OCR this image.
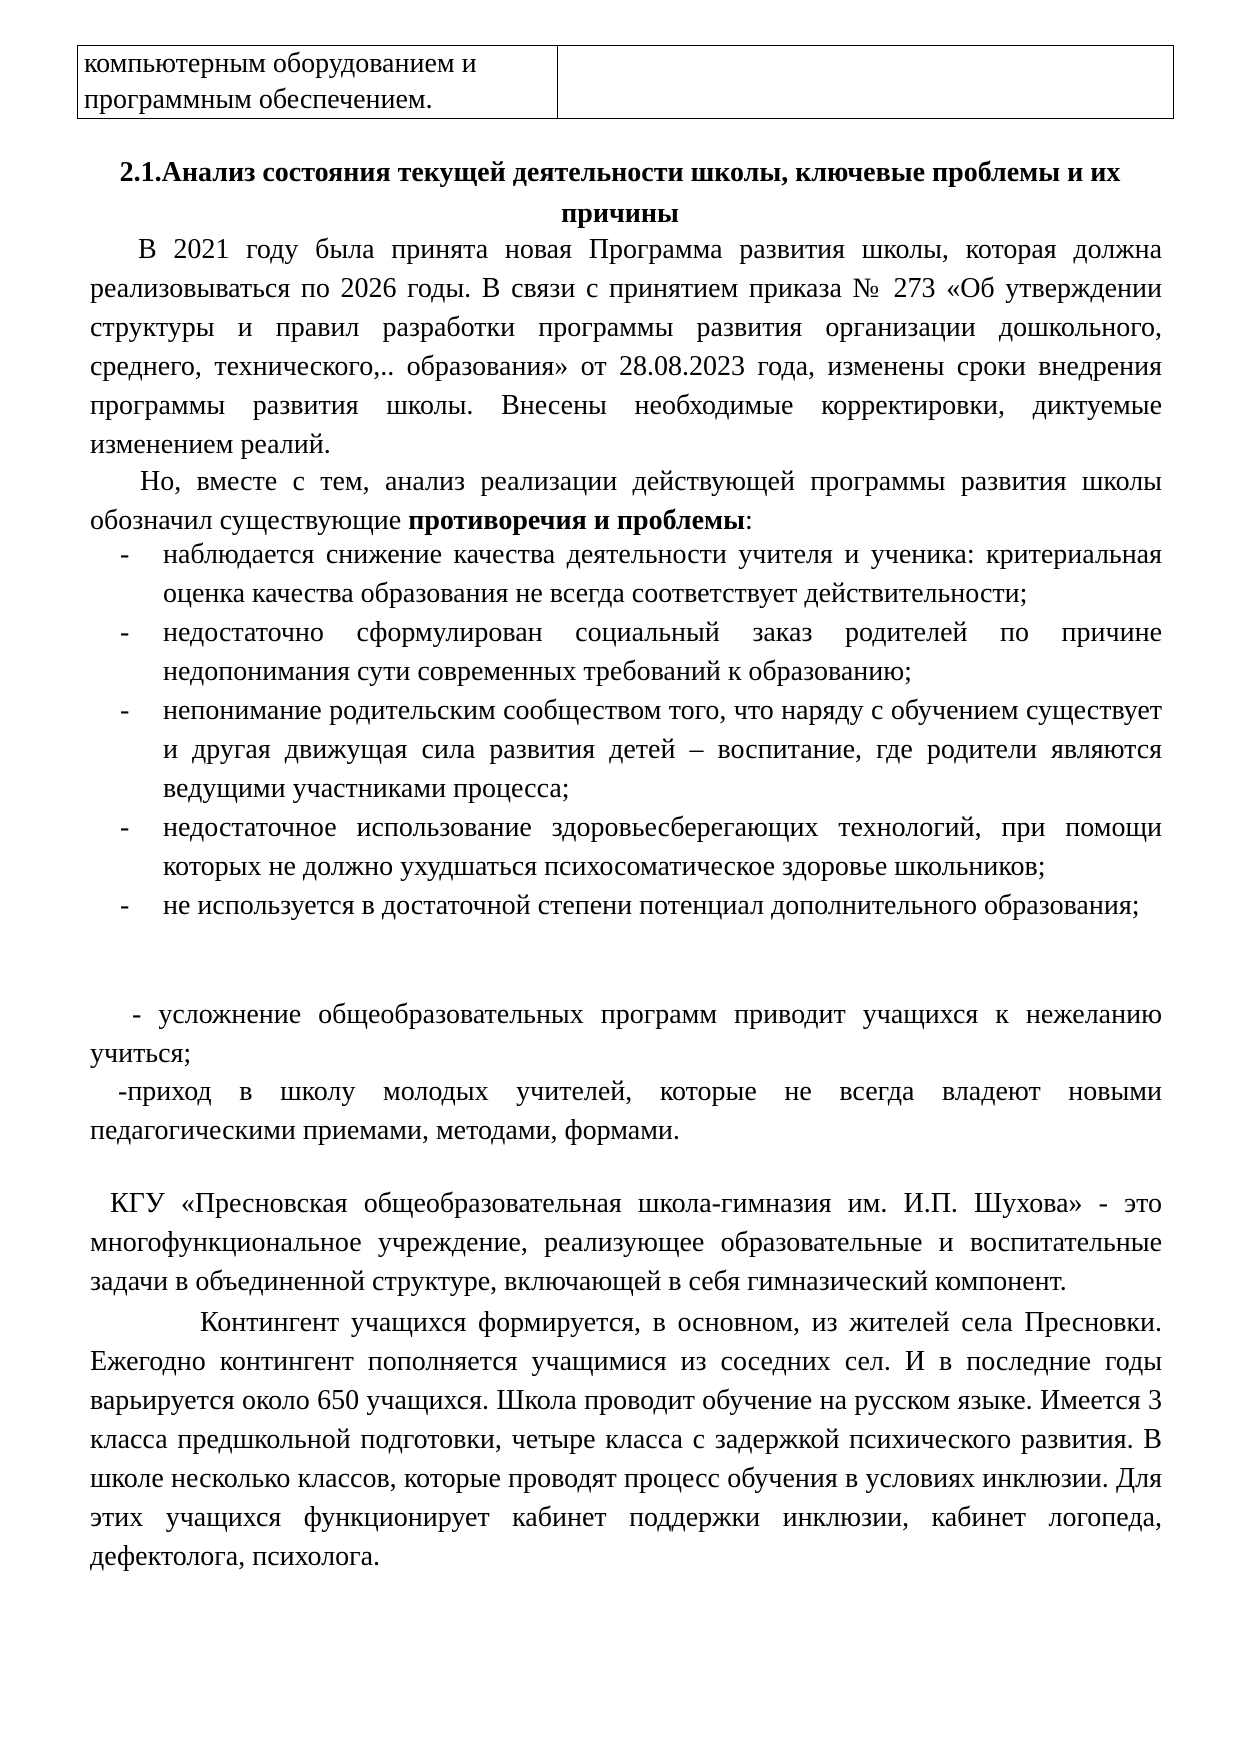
компьютерным оборудованием и программным обеспечением.	
2.1.Анализ состояния текущей деятельности школы, ключевые проблемы и их причины
В 2021 году была принята новая Программа развития школы, которая должна реализовываться по 2026 годы. В связи с принятием приказа № 273 «Об утверждении структуры и правил разработки программы развития организации дошкольного, среднего, технического,.. образования» от 28.08.2023 года, изменены сроки внедрения программы развития школы. Внесены необходимые корректировки, диктуемые изменением реалий.
Но, вместе с тем, анализ реализации действующей программы развития школы обозначил существующие противоречия и проблемы:
- наблюдается снижение качества деятельности учителя и ученика: критериальная оценка качества образования не всегда соответствует действительности;
- недостаточно сформулирован социальный заказ родителей по причине недопонимания сути современных требований к образованию;
- непонимание родительским сообществом того, что наряду с обучением существует и другая движущая сила развития детей – воспитание, где родители являются ведущими участниками процесса;
- недостаточное использование здоровьесберегающих технологий, при помощи которых не должно ухудшаться психосоматическое здоровье школьников;
- не используется в достаточной степени потенциал дополнительного образования;
- усложнение общеобразовательных программ приводит учащихся к нежеланию учиться;
-приход в школу молодых учителей, которые не всегда владеют новыми педагогическими приемами, методами, формами.
КГУ «Пресновская общеобразовательная школа-гимназия им. И.П. Шухова» - это многофункциональное учреждение, реализующее образовательные и воспитательные задачи в объединенной структуре, включающей в себя гимназический компонент.
Контингент учащихся формируется, в основном, из жителей села Пресновки. Ежегодно контингент пополняется учащимися из соседних сел. И в последние годы варьируется около 650 учащихся. Школа проводит обучение на русском языке. Имеется 3 класса предшкольной подготовки, четыре класса с задержкой психического развития. В школе несколько классов, которые проводят процесс обучения в условиях инклюзии. Для этих учащихся функционирует кабинет поддержки инклюзии, кабинет логопеда, дефектолога, психолога.
